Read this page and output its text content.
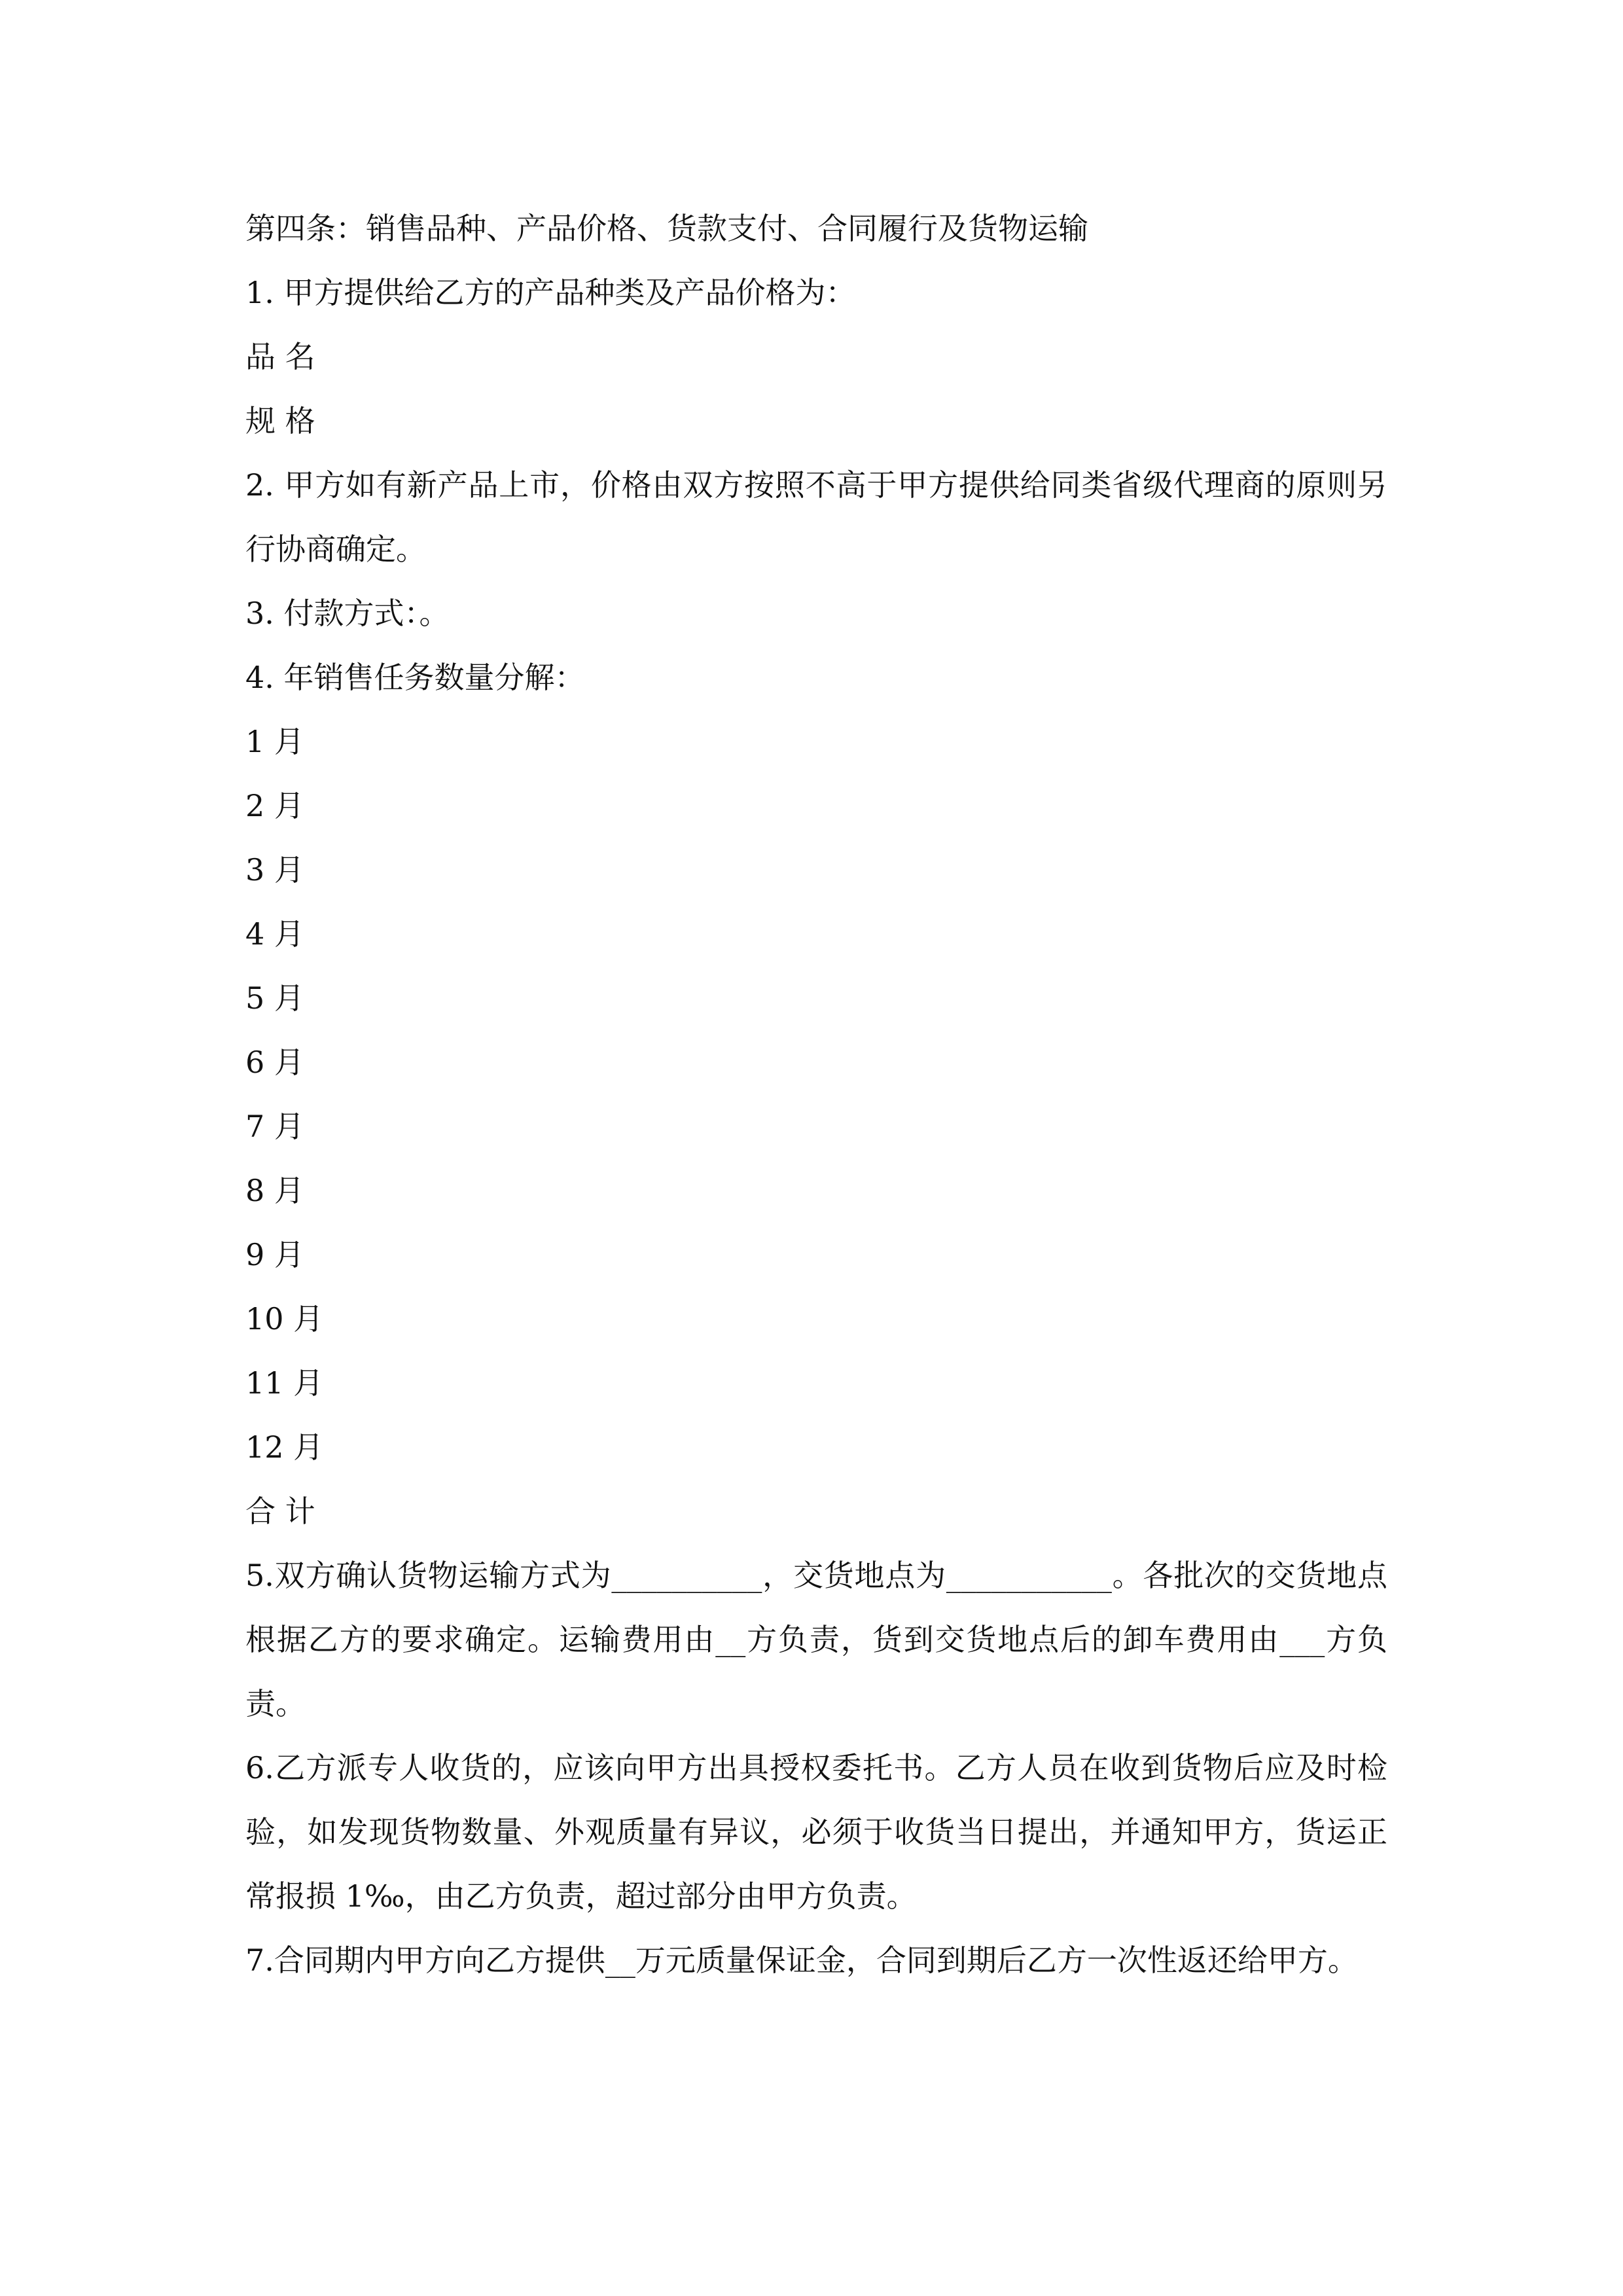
第四条：销售品种、产品价格、货款支付、合同履行及货物运输
1. 甲方提供给乙方的产品种类及产品价格为：
品 名
规 格
2. 甲方如有新产品上市，价格由双方按照不高于甲方提供给同类省级代理商的原则另行协商确定。
3. 付款方式：。
4. 年销售任务数量分解：
1 月
2 月
3 月
4 月
5 月
6 月
7 月
8 月
9 月
10 月
11 月
12 月
合 计
5.双方确认货物运输方式为__________，交货地点为___________。各批次的交货地点根据乙方的要求确定。运输费用由__方负责，货到交货地点后的卸车费用由___方负责。
6.乙方派专人收货的，应该向甲方出具授权委托书。乙方人员在收到货物后应及时检验，如发现货物数量、外观质量有异议，必须于收货当日提出，并通知甲方，货运正常报损 1‰，由乙方负责，超过部分由甲方负责。
7.合同期内甲方向乙方提供__万元质量保证金，合同到期后乙方一次性返还给甲方。
